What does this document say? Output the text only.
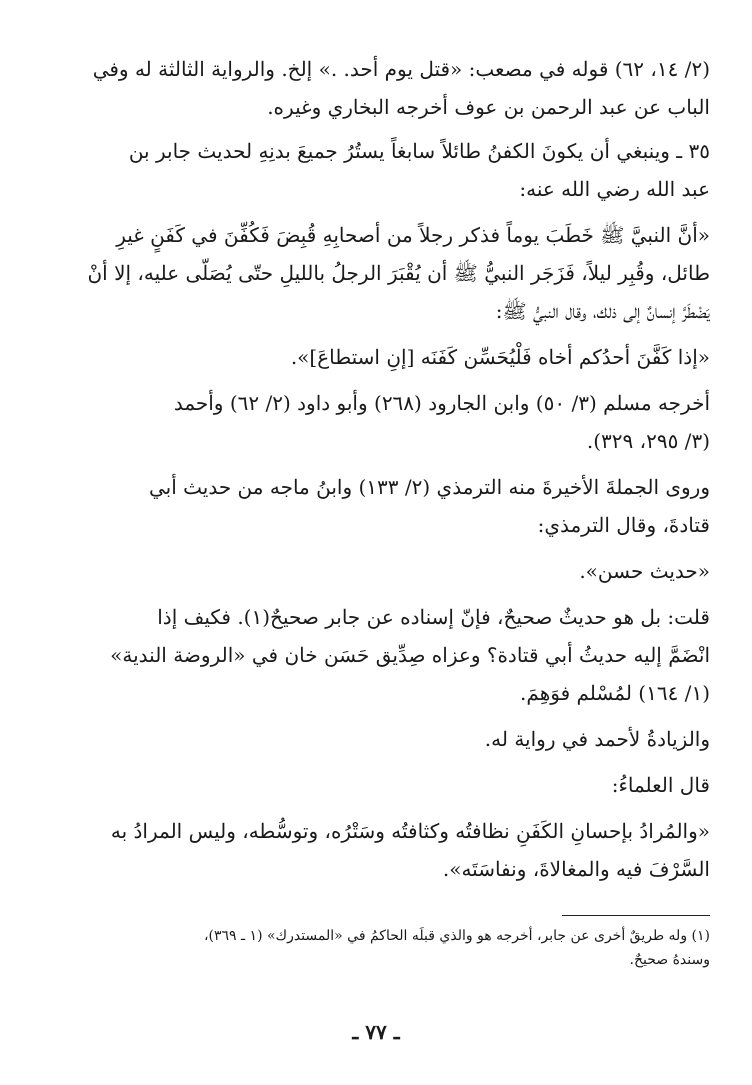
(٢/ ١٤، ٦٢) قوله في مصعب: «قتل يوم أحد. .» إلخ. والرواية الثالثة له وفي
الباب عن عبد الرحمن بن عوف أخرجه البخاري وغيره.

٣٥ ـ وينبغي أن يكونَ الكفنُ طائلاً سابغاً يستُرُ جميعَ بدنِهِ لحديث جابر بن
عبد الله رضي الله عنه:

«أنَّ النبيَّ ﷺ خَطَبَ يوماً فذكر رجلاً من أصحابِهِ قُبِضَ فَكُفِّنَ في كَفَنٍ غيرِ
طائل، وقُبِر ليلاً، فَزَجَر النبيُّ ﷺ أن يُقْبَرَ الرجلُ بالليلِ حتّى يُصَلّى عليه، إلا أنْ
يَضْطَرَّ إنسانٌ إلى ذلك، وقال النبيُّ ﷺ:

«إذا كَفَّنَ أحدُكم أخاه فَلْيُحَسِّن كَفَنَه [إنِ استطاعَ]».

أخرجه مسلم (٣/ ٥٠) وابن الجارود (٢٦٨) وأبو داود (٢/ ٦٢) وأحمد
(٣/ ٢٩٥، ٣٢٩).

وروى الجملةَ الأخيرةَ منه الترمذي (٢/ ١٣٣) وابنُ ماجه من حديث أبي
قتادةَ، وقال الترمذي:

«حديث حسن».

قلت: بل هو حديثٌ صحيحٌ، فإنّ إسناده عن جابر صحيحٌ(١). فكيف إذا
انْضَمَّ إليه حديثُ أبي قتادة؟ وعزاه صِدِّيق حَسَن خان في «الروضة الندية»
(١/ ١٦٤) لمُسْلم فوَهِمَ.

والزيادةُ لأحمد في رواية له.

قال العلماءُ:

«والمُرادُ بإحسانِ الكَفَنِ نظافتُه وكثافتُه وسَتْرُه، وتوسُّطه، وليس المرادُ به
السَّرْفَ فيه والمغالاةَ، ونفاسَتَه».

(١) وله طريقٌ أخرى عن جابر، أخرجه هو والذي قبلَه الحاكمُ في «المستدرك» (١ ـ ٣٦٩)،
وسندهُ صحيحٌ.
ـ ٧٧ ـ
